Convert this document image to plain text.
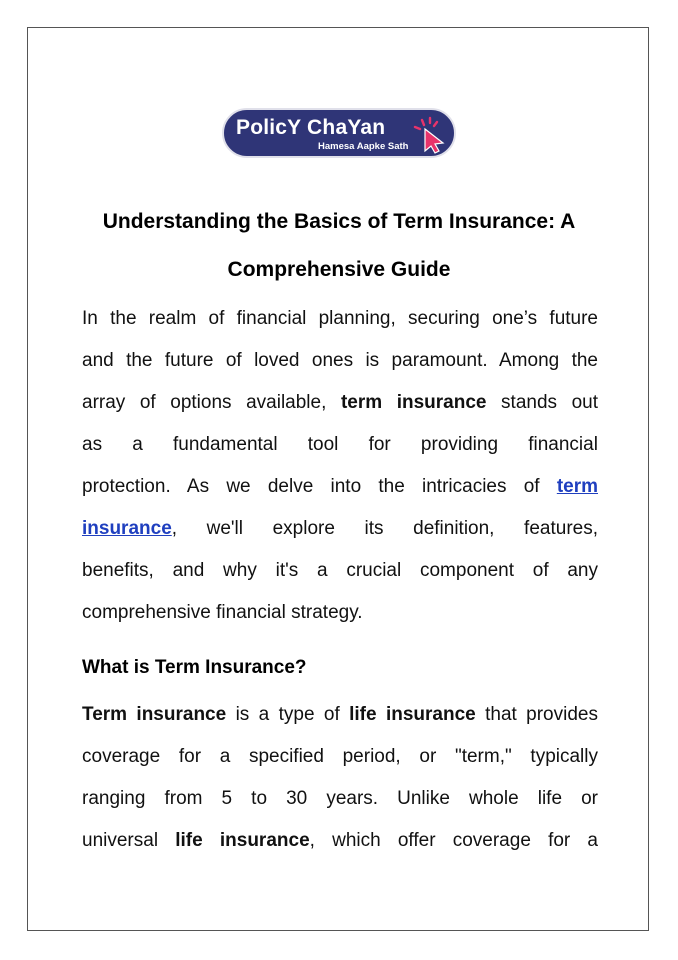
PolicY ChaYan
Hamesa Aapke Sath
Understanding the Basics of Term Insurance: A
Comprehensive Guide
In the realm of financial planning, securing one’s future
and the future of loved ones is paramount. Among the
array of options available, term insurance stands out
as a fundamental tool for providing financial
protection. As we delve into the intricacies of term
insurance, we'll explore its definition, features,
benefits, and why it's a crucial component of any
comprehensive financial strategy.
What is Term Insurance?
Term insurance is a type of life insurance that provides
coverage for a specified period, or "term," typically
ranging from 5 to 30 years. Unlike whole life or
universal life insurance, which offer coverage for a
